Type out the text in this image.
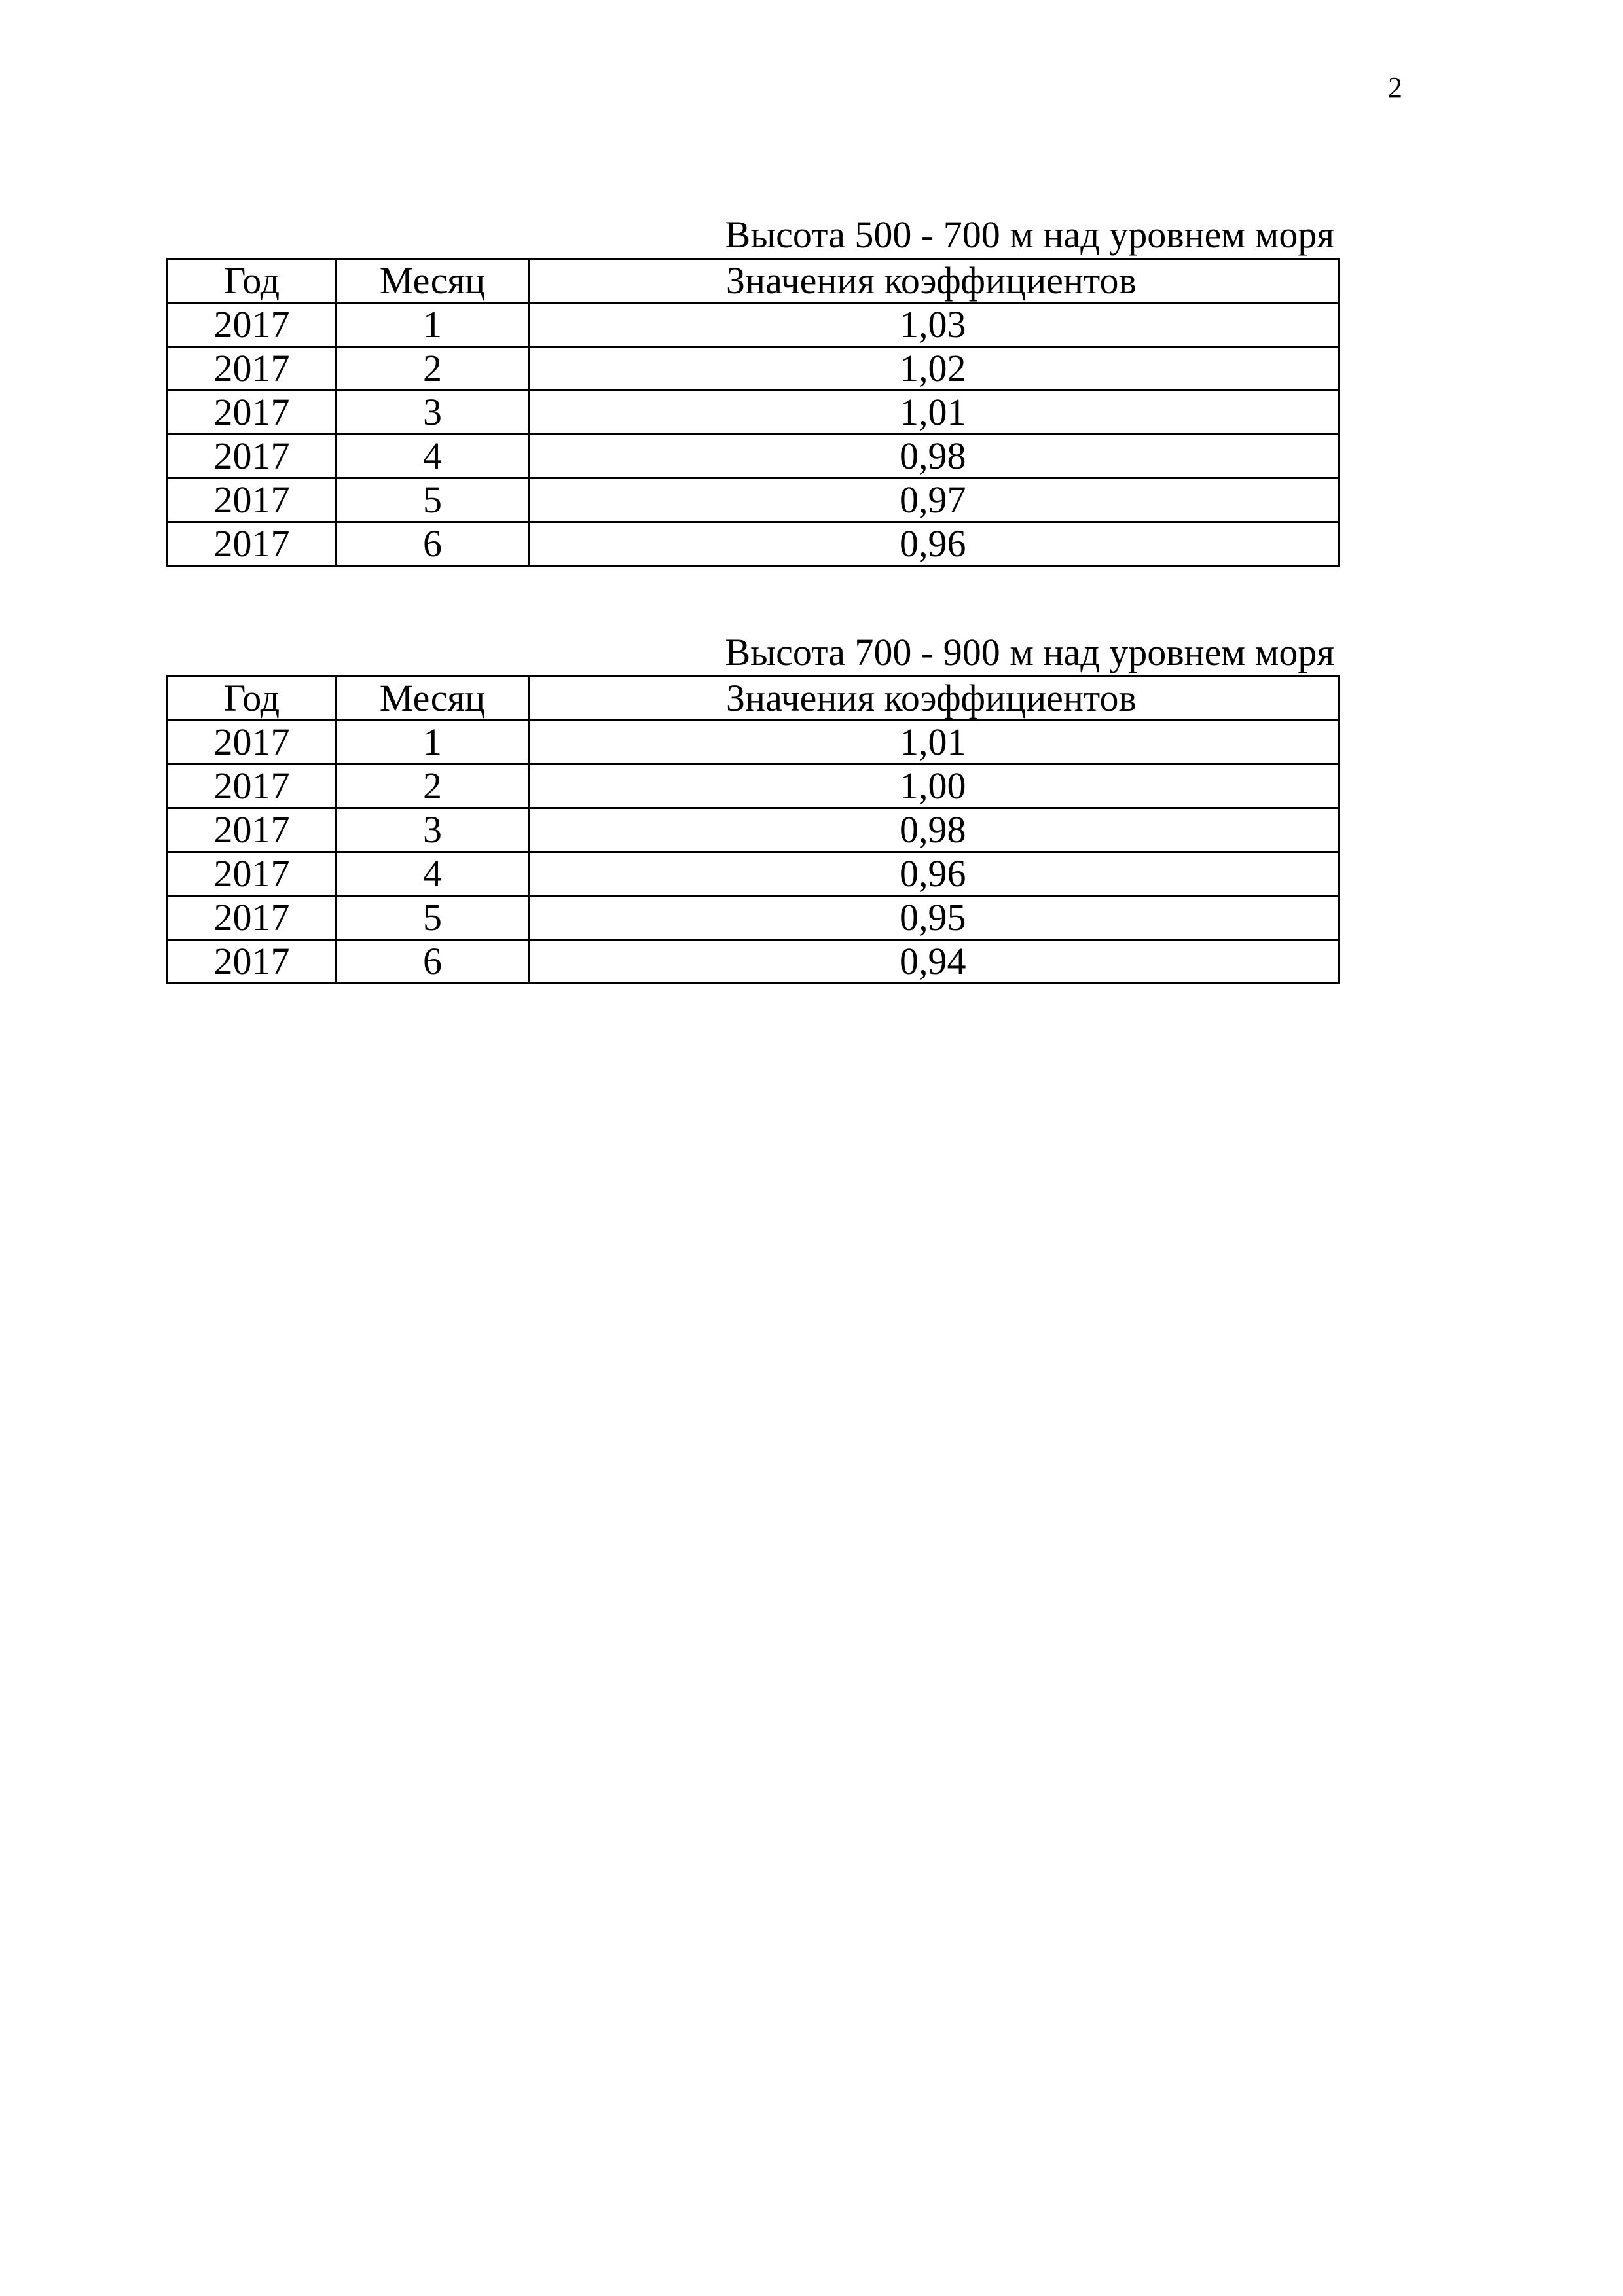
2
Высота 500 - 700 м над уровнем моря
Год	Месяц	Значения коэффициентов
2017	1	1,03
2017	2	1,02
2017	3	1,01
2017	4	0,98
2017	5	0,97
2017	6	0,96
Высота 700 - 900 м над уровнем моря
Год	Месяц	Значения коэффициентов
2017	1	1,01
2017	2	1,00
2017	3	0,98
2017	4	0,96
2017	5	0,95
2017	6	0,94
